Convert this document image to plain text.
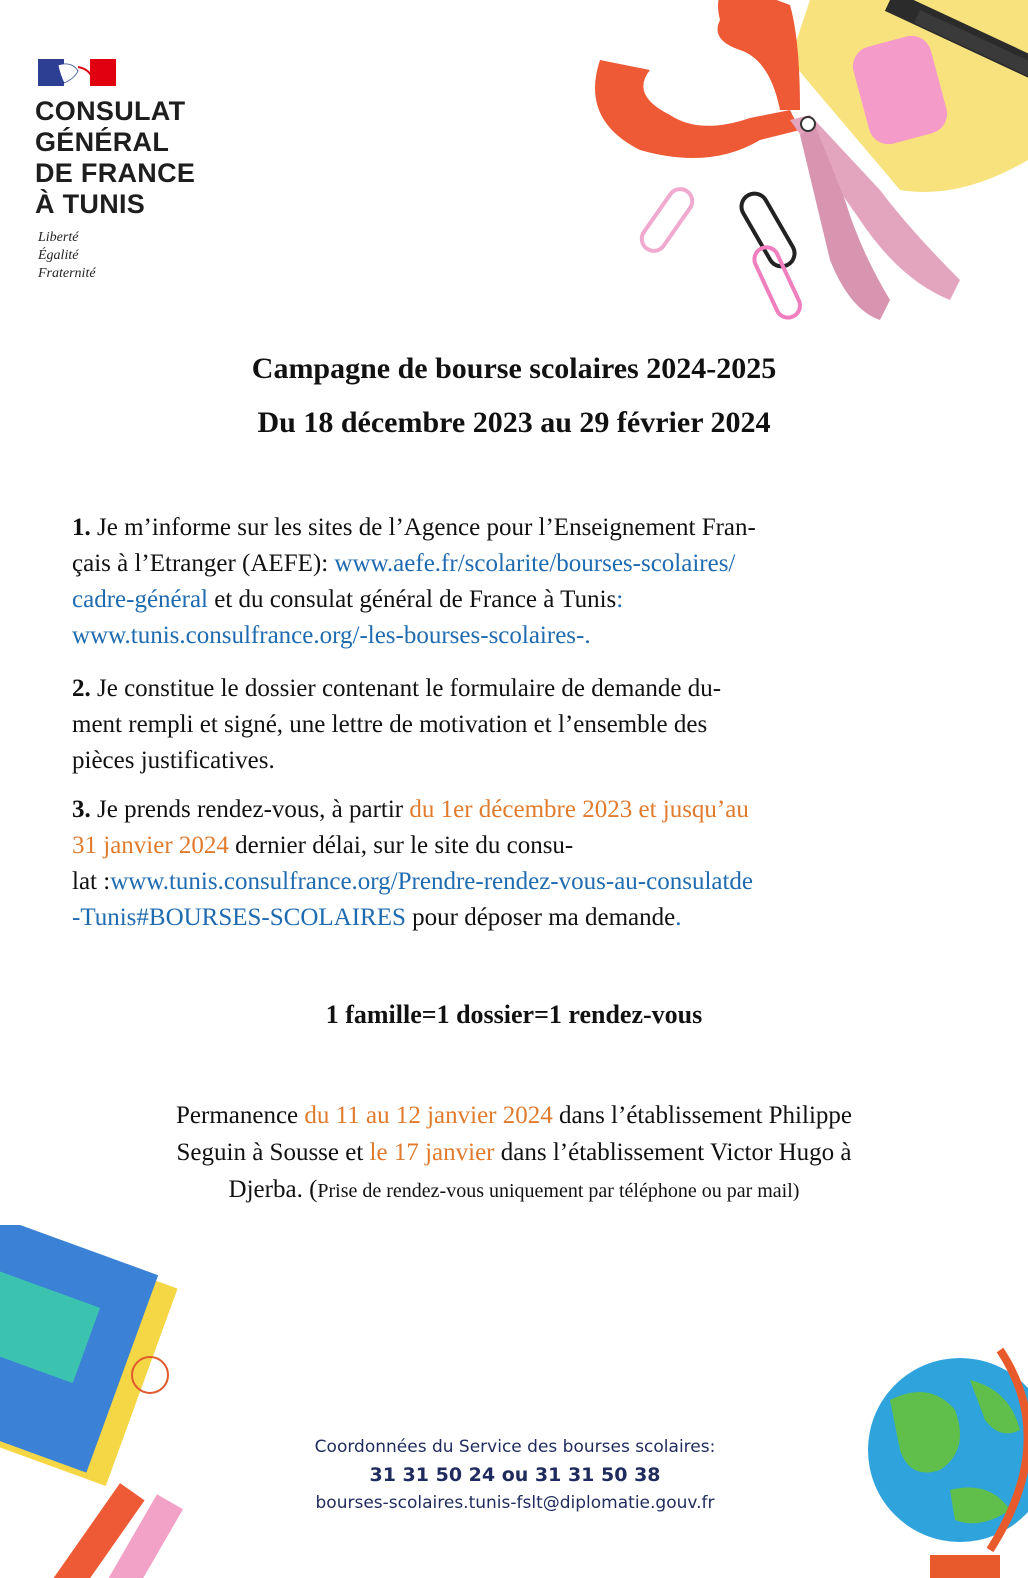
CONSULAT
GÉNÉRAL
DE FRANCE
À TUNIS
Liberté
Égalité
Fraternité
Campagne de bourse scolaires 2024-2025
Du 18 décembre 2023 au 29 février 2024
1. Je m’informe sur les sites de l’Agence pour l’Enseignement Fran-
çais à l’Etranger (AEFE): www.aefe.fr/scolarite/bourses-scolaires/
cadre-général et du consulat général de France à Tunis:
www.tunis.consulfrance.org/-les-bourses-scolaires-.
2. Je constitue le dossier contenant le formulaire de demande du-
ment rempli et signé, une lettre de motivation et l’ensemble des
pièces justificatives.
3. Je prends rendez-vous, à partir du 1er décembre 2023 et jusqu’au
31 janvier 2024 dernier délai, sur le site du consu-
lat :www.tunis.consulfrance.org/Prendre-rendez-vous-au-consulatde
-Tunis#BOURSES-SCOLAIRES pour déposer ma demande.
1 famille=1 dossier=1 rendez-vous
Permanence du 11 au 12 janvier 2024 dans l’établissement Philippe
Seguin à Sousse et le 17 janvier dans l’établissement Victor Hugo à
Djerba. (Prise de rendez-vous uniquement par téléphone ou par mail)
Coordonnées du Service des bourses scolaires:
31 31 50 24 ou 31 31 50 38
bourses-scolaires.tunis-fslt@diplomatie.gouv.fr
